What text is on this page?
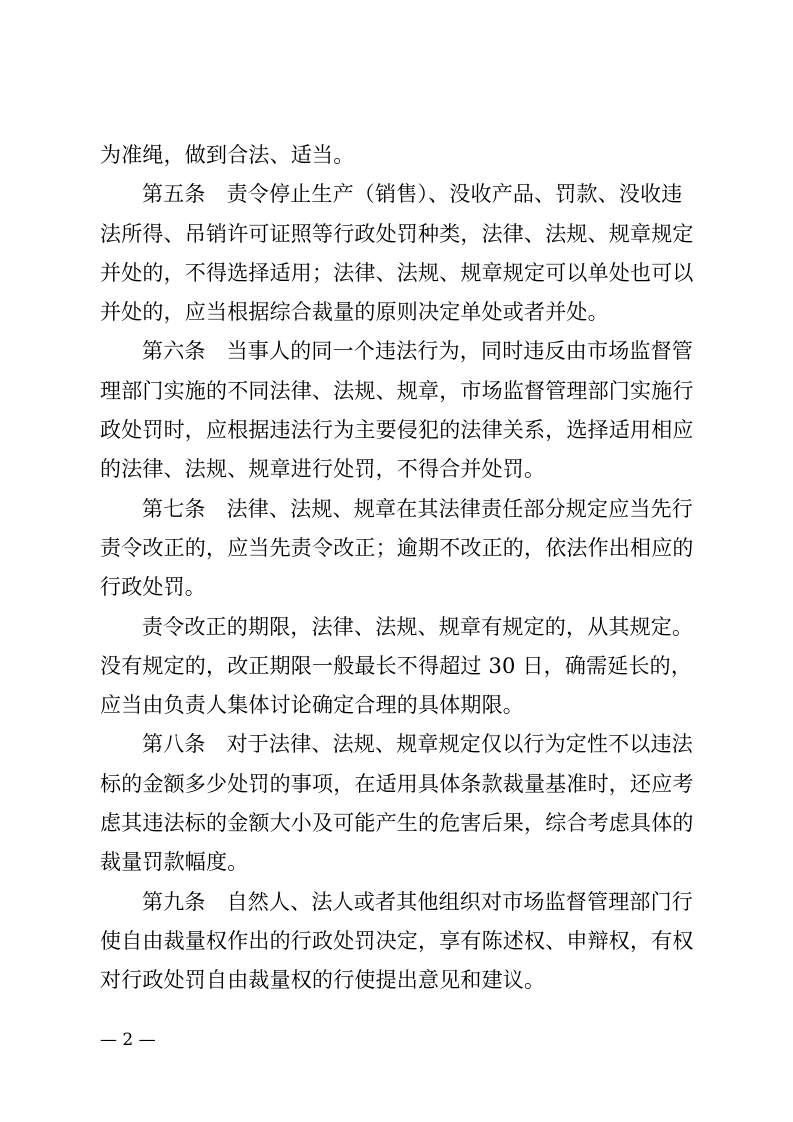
为准绳，做到合法、适当。
第五条 责令停止生产（销售）、没收产品、罚款、没收违
法所得、吊销许可证照等行政处罚种类，法律、法规、规章规定
并处的，不得选择适用；法律、法规、规章规定可以单处也可以
并处的，应当根据综合裁量的原则决定单处或者并处。
第六条 当事人的同一个违法行为，同时违反由市场监督管
理部门实施的不同法律、法规、规章，市场监督管理部门实施行
政处罚时，应根据违法行为主要侵犯的法律关系，选择适用相应
的法律、法规、规章进行处罚，不得合并处罚。
第七条 法律、法规、规章在其法律责任部分规定应当先行
责令改正的，应当先责令改正；逾期不改正的，依法作出相应的
行政处罚。
责令改正的期限，法律、法规、规章有规定的，从其规定。
没有规定的，改正期限一般最长不得超过 30 日，确需延长的，
应当由负责人集体讨论确定合理的具体期限。
第八条 对于法律、法规、规章规定仅以行为定性不以违法
标的金额多少处罚的事项，在适用具体条款裁量基准时，还应考
虑其违法标的金额大小及可能产生的危害后果，综合考虑具体的
裁量罚款幅度。
第九条 自然人、法人或者其他组织对市场监督管理部门行
使自由裁量权作出的行政处罚决定，享有陈述权、申辩权，有权
对行政处罚自由裁量权的行使提出意见和建议。
— 2 —
